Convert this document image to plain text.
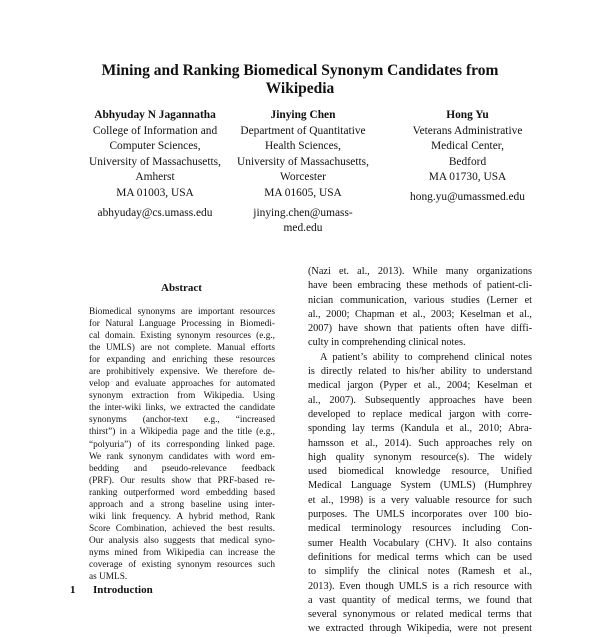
Mining and Ranking Biomedical Synonym Candidates from
Wikipedia
Abhyuday N Jagannatha
College of Information and
Computer Sciences,
University of Massachusetts,
Amherst
MA 01003, USA
abhyuday@cs.umass.edu
Jinying Chen
Department of Quantitative
Health Sciences,
University of Massachusetts,
Worcester
MA 01605, USA
jinying.chen@umass-
med.edu
Hong Yu
Veterans Administrative
Medical Center,
Bedford
MA 01730, USA
hong.yu@umassmed.edu
Abstract
Biomedical synonyms are important resources
for Natural Language Processing in Biomedi-
cal domain. Existing synonym resources (e.g.,
the UMLS) are not complete. Manual efforts
for expanding and enriching these resources
are prohibitively expensive. We therefore de-
velop and evaluate approaches for automated
synonym extraction from Wikipedia. Using
the inter-wiki links, we extracted the candidate
synonyms (anchor-text e.g., “increased
thirst”) in a Wikipedia page and the title (e.g.,
“polyuria”) of its corresponding linked page.
We rank synonym candidates with word em-
bedding and pseudo-relevance feedback
(PRF). Our results show that PRF-based re-
ranking outperformed word embedding based
approach and a strong baseline using inter-
wiki link frequency. A hybrid method, Rank
Score Combination, achieved the best results.
Our analysis also suggests that medical syno-
nyms mined from Wikipedia can increase the
coverage of existing synonym resources such
as UMLS.
1 Introduction
(Nazi et. al., 2013). While many organizations
have been embracing these methods of patient-cli-
nician communication, various studies (Lerner et
al., 2000; Chapman et al., 2003; Keselman et al.,
2007) have shown that patients often have diffi-
culty in comprehending clinical notes.
A patient’s ability to comprehend clinical notes
is directly related to his/her ability to understand
medical jargon (Pyper et al., 2004; Keselman et
al., 2007). Subsequently approaches have been
developed to replace medical jargon with corre-
sponding lay terms (Kandula et al., 2010; Abra-
hamsson et al., 2014). Such approaches rely on
high quality synonym resource(s). The widely
used biomedical knowledge resource, Unified
Medical Language System (UMLS) (Humphrey
et al., 1998) is a very valuable resource for such
purposes. The UMLS incorporates over 100 bio-
medical terminology resources including Con-
sumer Health Vocabulary (CHV). It also contains
definitions for medical terms which can be used
to simplify the clinical notes (Ramesh et al.,
2013). Even though UMLS is a rich resource with
a vast quantity of medical terms, we found that
several synonymous or related medical terms that
we extracted through Wikipedia, were not present
